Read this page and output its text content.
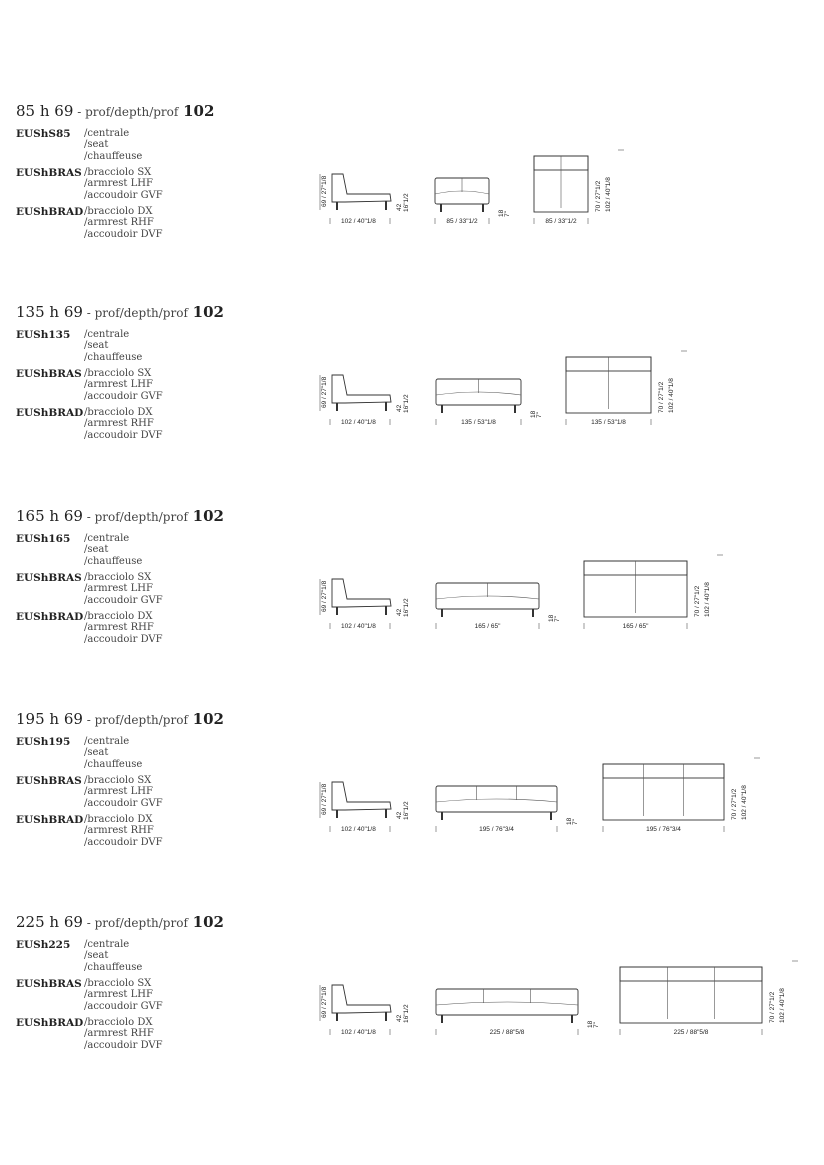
85 h 69 - prof/depth/prof 102
EUShS85 /centrale
/seat
/chauffeuse
EUShBRAS /bracciolo SX
/armrest LHF
/accoudoir GVF
EUShBRAD /bracciolo DX
/armrest RHF
/accoudoir DVF
69 / 27"1/8
102 / 40"1/8
42 16"1/2
85 / 33"1/2
18 7"
85 / 33"1/2
70 / 27"1/2 102 / 40"1/8
135 h 69 - prof/depth/prof 102
EUSh135 /centrale
/seat
/chauffeuse
EUShBRAS /bracciolo SX
/armrest LHF
/accoudoir GVF
EUShBRAD /bracciolo DX
/armrest RHF
/accoudoir DVF
69 / 27"1/8
102 / 40"1/8
42 16"1/2
135 / 53"1/8
18 7"
135 / 53"1/8
70 / 27"1/2 102 / 40"1/8
165 h 69 - prof/depth/prof 102
EUSh165 /centrale
/seat
/chauffeuse
EUShBRAS /bracciolo SX
/armrest LHF
/accoudoir GVF
EUShBRAD /bracciolo DX
/armrest RHF
/accoudoir DVF
69 / 27"1/8
102 / 40"1/8
42 16"1/2
165 / 65"
18 7"
165 / 65"
70 / 27"1/2 102 / 40"1/8
195 h 69 - prof/depth/prof 102
EUSh195 /centrale
/seat
/chauffeuse
EUShBRAS /bracciolo SX
/armrest LHF
/accoudoir GVF
EUShBRAD /bracciolo DX
/armrest RHF
/accoudoir DVF
69 / 27"1/8
102 / 40"1/8
42 16"1/2
195 / 76"3/4
18 7"
195 / 76"3/4
70 / 27"1/2 102 / 40"1/8
225 h 69 - prof/depth/prof 102
EUSh225 /centrale
/seat
/chauffeuse
EUShBRAS /bracciolo SX
/armrest LHF
/accoudoir GVF
EUShBRAD /bracciolo DX
/armrest RHF
/accoudoir DVF
69 / 27"1/8
102 / 40"1/8
42 16"1/2
225 / 88"5/8
18 7"
225 / 88"5/8
70 / 27"1/2 102 / 40"1/8
